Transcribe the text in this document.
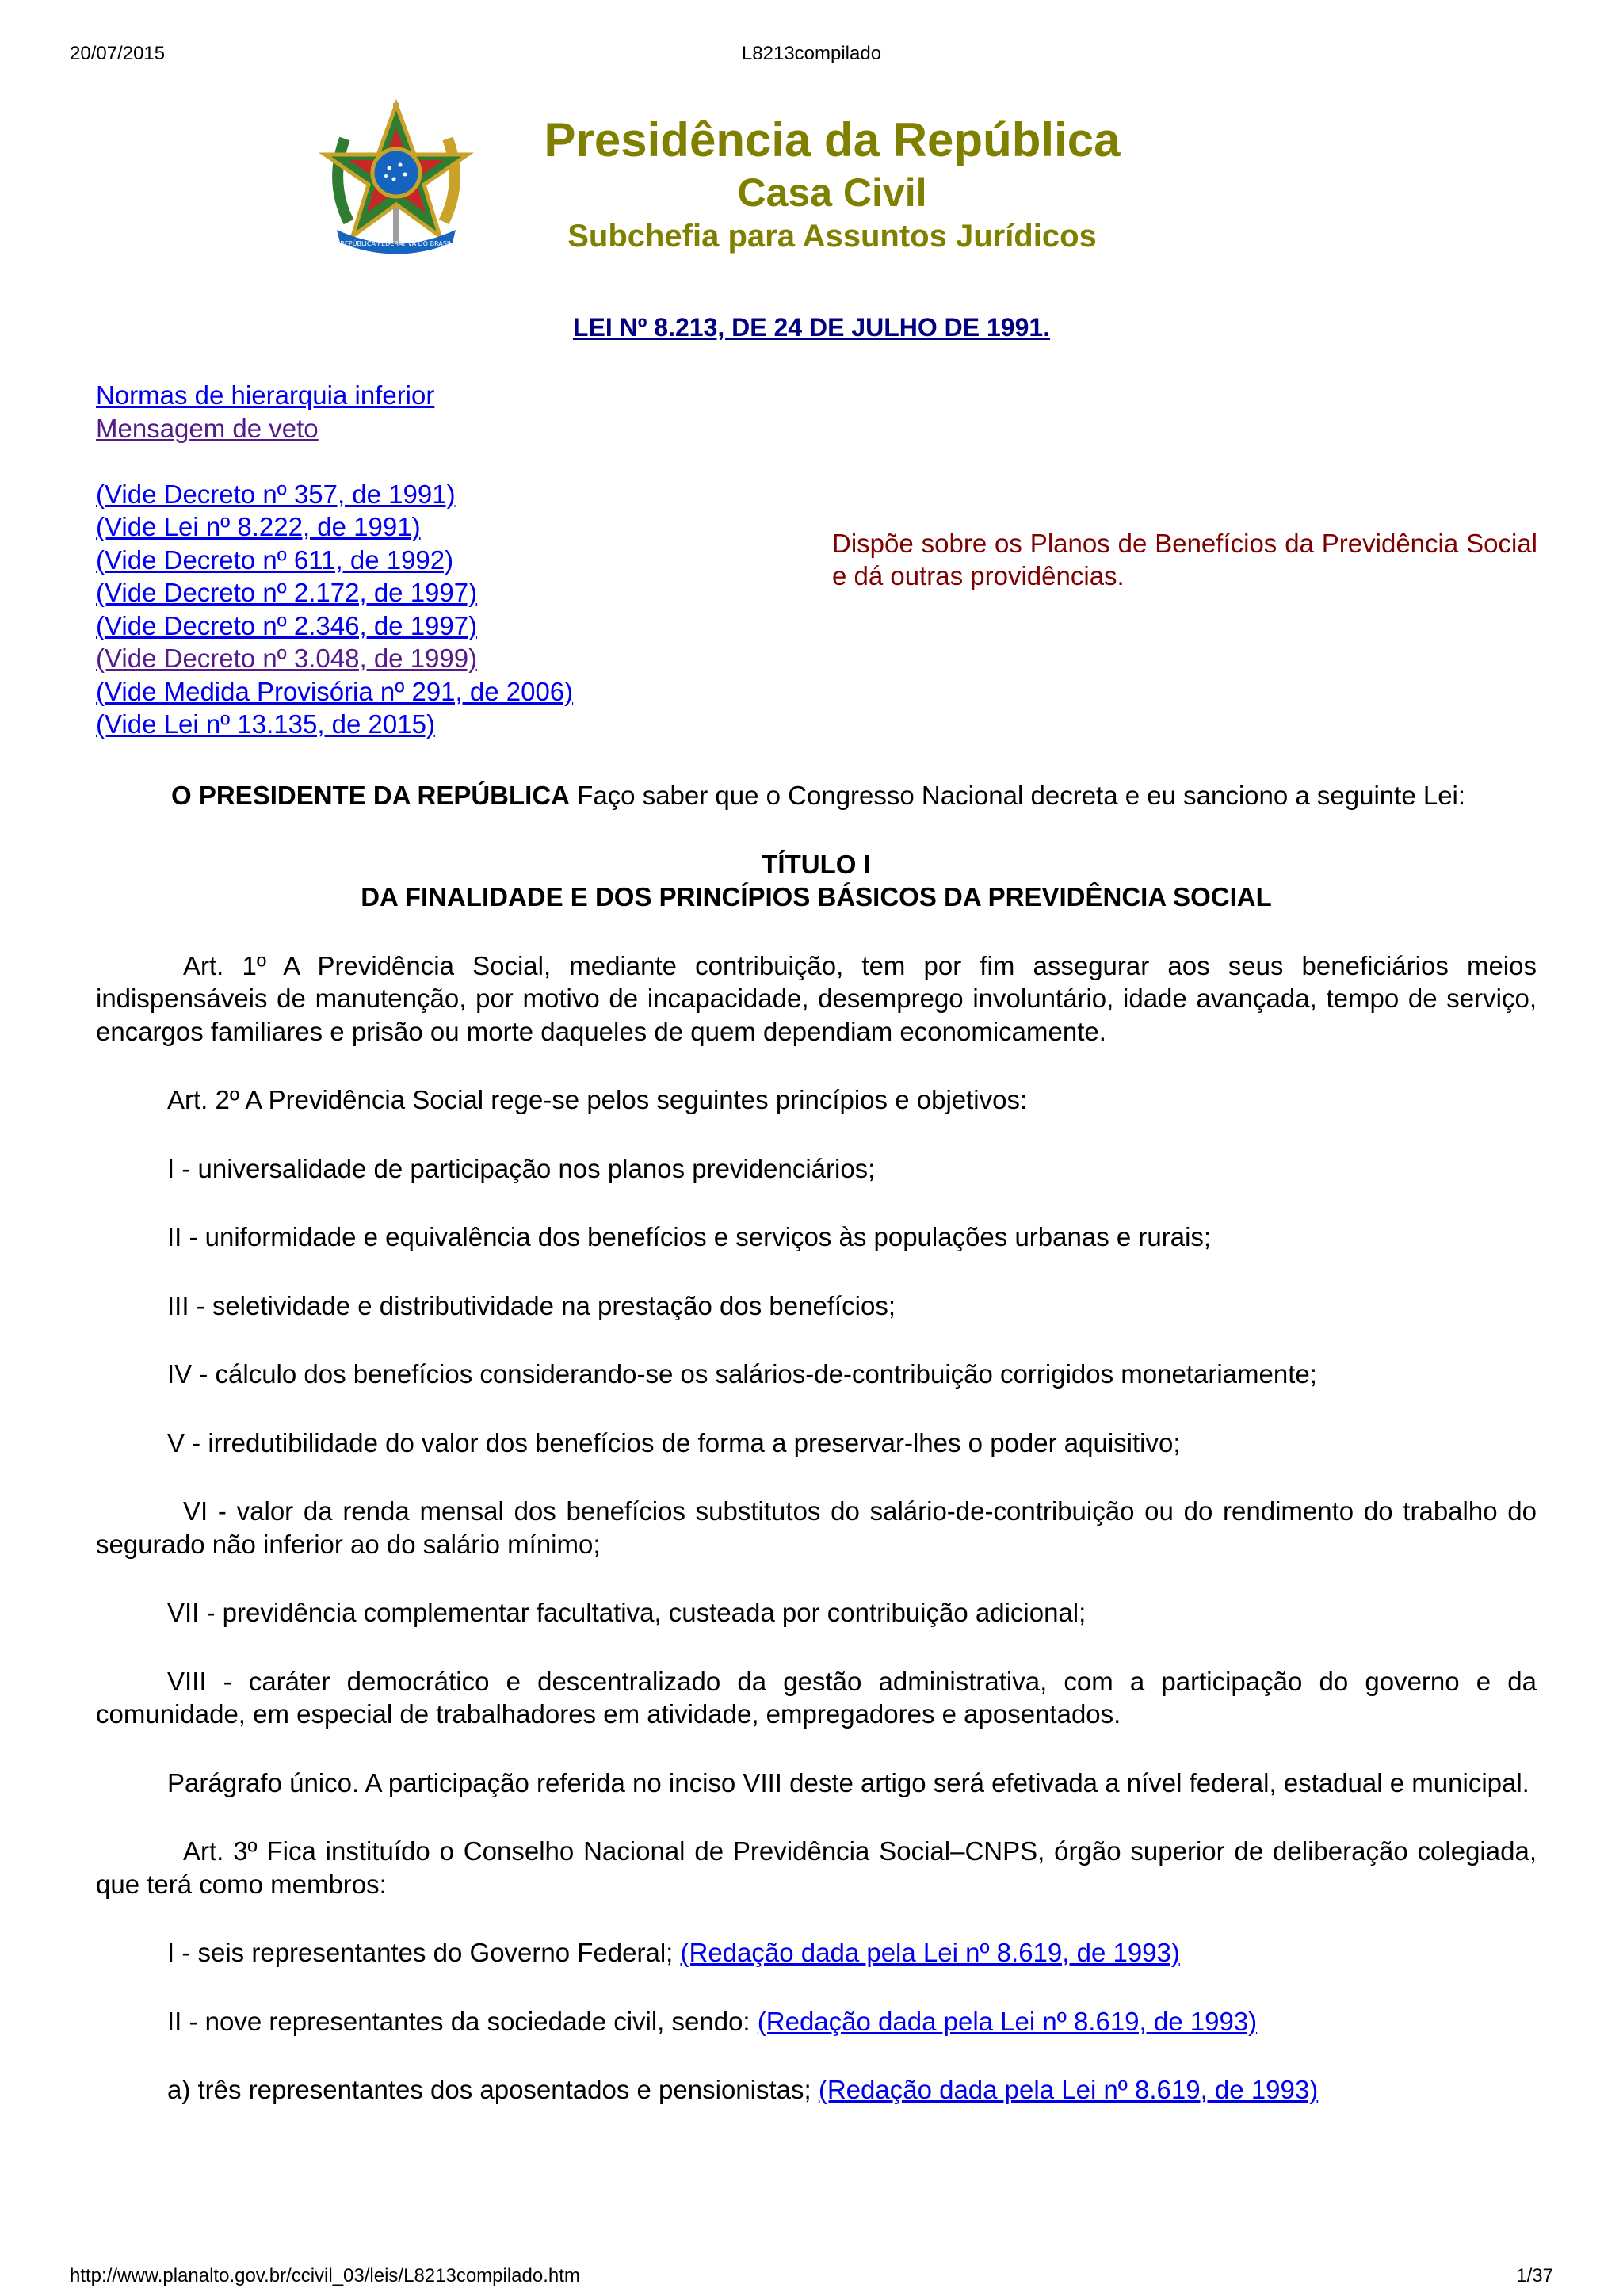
20/07/2015	L8213compilado
REPÚBLICA FEDERATIVA DO BRASIL
Presidência da República
Casa Civil
Subchefia para Assuntos Jurídicos
LEI Nº 8.213, DE 24 DE JULHO DE 1991.
Normas de hierarquia inferior
Mensagem de veto
(Vide Decreto nº 357, de 1991)
(Vide Lei nº 8.222, de 1991)
(Vide Decreto nº 611, de 1992)
(Vide Decreto nº 2.172, de 1997)
(Vide Decreto nº 2.346, de 1997)
(Vide Decreto nº 3.048, de 1999)
(Vide Medida Provisória nº 291, de 2006)
(Vide Lei nº 13.135, de 2015)
Dispõe sobre os Planos de Benefícios da Previdência Social e dá outras providências.

O PRESIDENTE DA REPÚBLICA Faço saber que o Congresso Nacional decreta e eu sanciono a seguinte Lei:

TÍTULO I
DA FINALIDADE E DOS PRINCÍPIOS BÁSICOS DA PREVIDÊNCIA SOCIAL

Art. 1º A Previdência Social, mediante contribuição, tem por fim assegurar aos seus beneficiários meios indispensáveis de manutenção, por motivo de incapacidade, desemprego involuntário, idade avançada, tempo de serviço, encargos familiares e prisão ou morte daqueles de quem dependiam economicamente.

Art. 2º A Previdência Social rege-se pelos seguintes princípios e objetivos:

I - universalidade de participação nos planos previdenciários;

II - uniformidade e equivalência dos benefícios e serviços às populações urbanas e rurais;

III - seletividade e distributividade na prestação dos benefícios;

IV - cálculo dos benefícios considerando-se os salários-de-contribuição corrigidos monetariamente;

V - irredutibilidade do valor dos benefícios de forma a preservar-lhes o poder aquisitivo;

VI - valor da renda mensal dos benefícios substitutos do salário-de-contribuição ou do rendimento do trabalho do segurado não inferior ao do salário mínimo;

VII - previdência complementar facultativa, custeada por contribuição adicional;

VIII - caráter democrático e descentralizado da gestão administrativa, com a participação do governo e da comunidade, em especial de trabalhadores em atividade, empregadores e aposentados.

Parágrafo único. A participação referida no inciso VIII deste artigo será efetivada a nível federal, estadual e municipal.

Art. 3º Fica instituído o Conselho Nacional de Previdência Social–CNPS, órgão superior de deliberação colegiada, que terá como membros:

I - seis representantes do Governo Federal; (Redação dada pela Lei nº 8.619, de 1993)

II - nove representantes da sociedade civil, sendo: (Redação dada pela Lei nº 8.619, de 1993)

a) três representantes dos aposentados e pensionistas; (Redação dada pela Lei nº 8.619, de 1993)

http://www.planalto.gov.br/ccivil_03/leis/L8213compilado.htm	1/37
